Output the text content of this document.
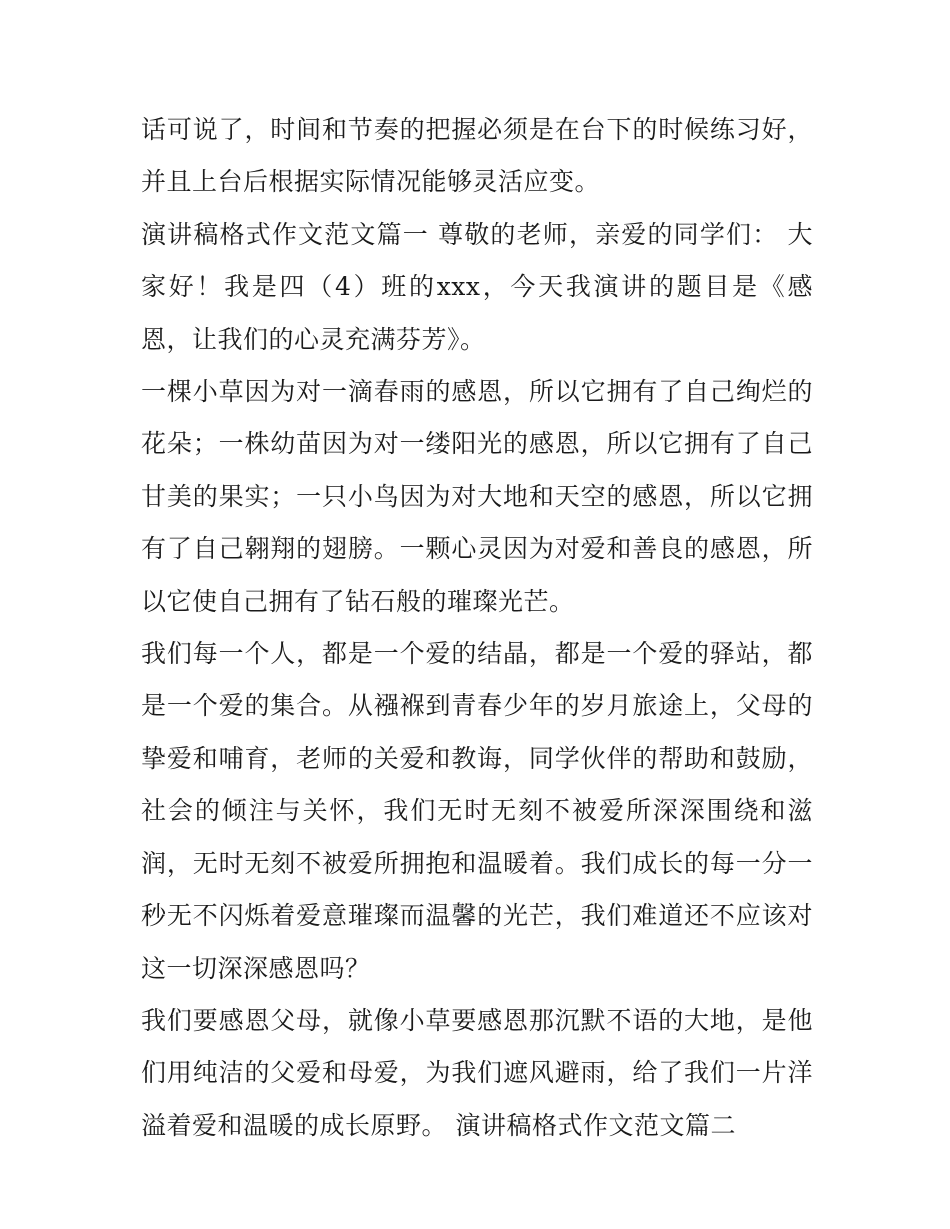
话可说了，时间和节奏的把握必须是在台下的时候练习好，并且上台后根据实际情况能够灵活应变。

演讲稿格式作文范文篇一 尊敬的老师，亲爱的同学们： 大家好！我是四（4）班的xxx，今天我演讲的题目是《感恩，让我们的心灵充满芬芳》。

一棵小草因为对一滴春雨的感恩，所以它拥有了自己绚烂的花朵；一株幼苗因为对一缕阳光的感恩，所以它拥有了自己甘美的果实；一只小鸟因为对大地和天空的感恩，所以它拥有了自己翱翔的翅膀。一颗心灵因为对爱和善良的感恩，所以它使自己拥有了钻石般的璀璨光芒。

我们每一个人，都是一个爱的结晶，都是一个爱的驿站，都是一个爱的集合。从襁褓到青春少年的岁月旅途上，父母的挚爱和哺育，老师的关爱和教诲，同学伙伴的帮助和鼓励，社会的倾注与关怀，我们无时无刻不被爱所深深围绕和滋润，无时无刻不被爱所拥抱和温暖着。我们成长的每一分一秒无不闪烁着爱意璀璨而温馨的光芒，我们难道还不应该对这一切深深感恩吗？

我们要感恩父母，就像小草要感恩那沉默不语的大地，是他们用纯洁的父爱和母爱，为我们遮风避雨，给了我们一片洋溢着爱和温暖的成长原野。 演讲稿格式作文范文篇二
